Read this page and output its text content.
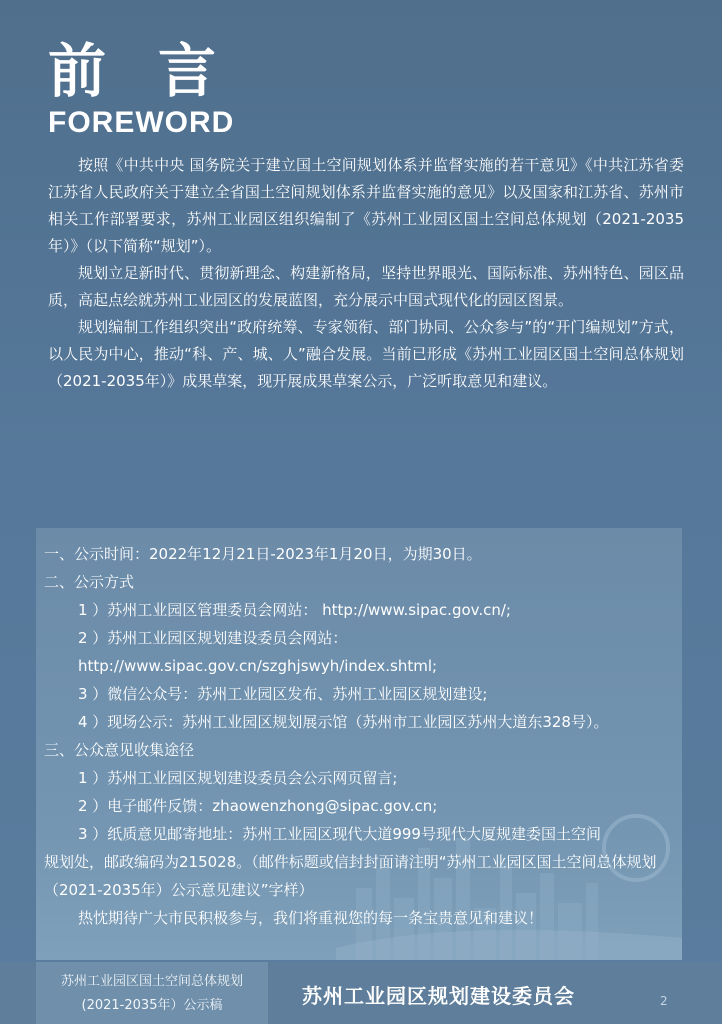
前言
FOREWORD

按照《中共中央 国务院关于建立国土空间规划体系并监督实施的若干意见》《中共江苏省委 江苏省人民政府关于建立全省国土空间规划体系并监督实施的意见》以及国家和江苏省、苏州市相关工作部署要求，苏州工业园区组织编制了《苏州工业园区国土空间总体规划（2021-2035年）》（以下简称“规划”）。

规划立足新时代、贯彻新理念、构建新格局，坚持世界眼光、国际标准、苏州特色、园区品质，高起点绘就苏州工业园区的发展蓝图，充分展示中国式现代化的园区图景。

规划编制工作组织突出“政府统筹、专家领衔、部门协同、公众参与”的“开门编规划”方式，以人民为中心，推动“科、产、城、人”融合发展。当前已形成《苏州工业园区国土空间总体规划（2021-2035年）》成果草案，现开展成果草案公示，广泛听取意见和建议。

一、公示时间：2022年12月21日-2023年1月20日，为期30日。
二、公示方式
1 ）苏州工业园区管理委员会网站： http://www.sipac.gov.cn/;
2 ）苏州工业园区规划建设委员会网站：
http://www.sipac.gov.cn/szghjswyh/index.shtml;
3 ）微信公众号：苏州工业园区发布、苏州工业园区规划建设;
4 ）现场公示：苏州工业园区规划展示馆（苏州市工业园区苏州大道东328号）。
三、公众意见收集途径
1 ）苏州工业园区规划建设委员会公示网页留言;
2 ）电子邮件反馈：zhaowenzhong@sipac.gov.cn;
3 ）纸质意见邮寄地址：苏州工业园区现代大道999号现代大厦规建委国土空间
规划处，邮政编码为215028。（邮件标题或信封封面请注明“苏州工业园区国土空间总体规划（2021-2035年）公示意见建议”字样）
热忱期待广大市民积极参与，我们将重视您的每一条宝贵意见和建议！
苏州工业园区国土空间总体规划
(2021-2035年）公示稿	苏州工业园区规划建设委员会	2
